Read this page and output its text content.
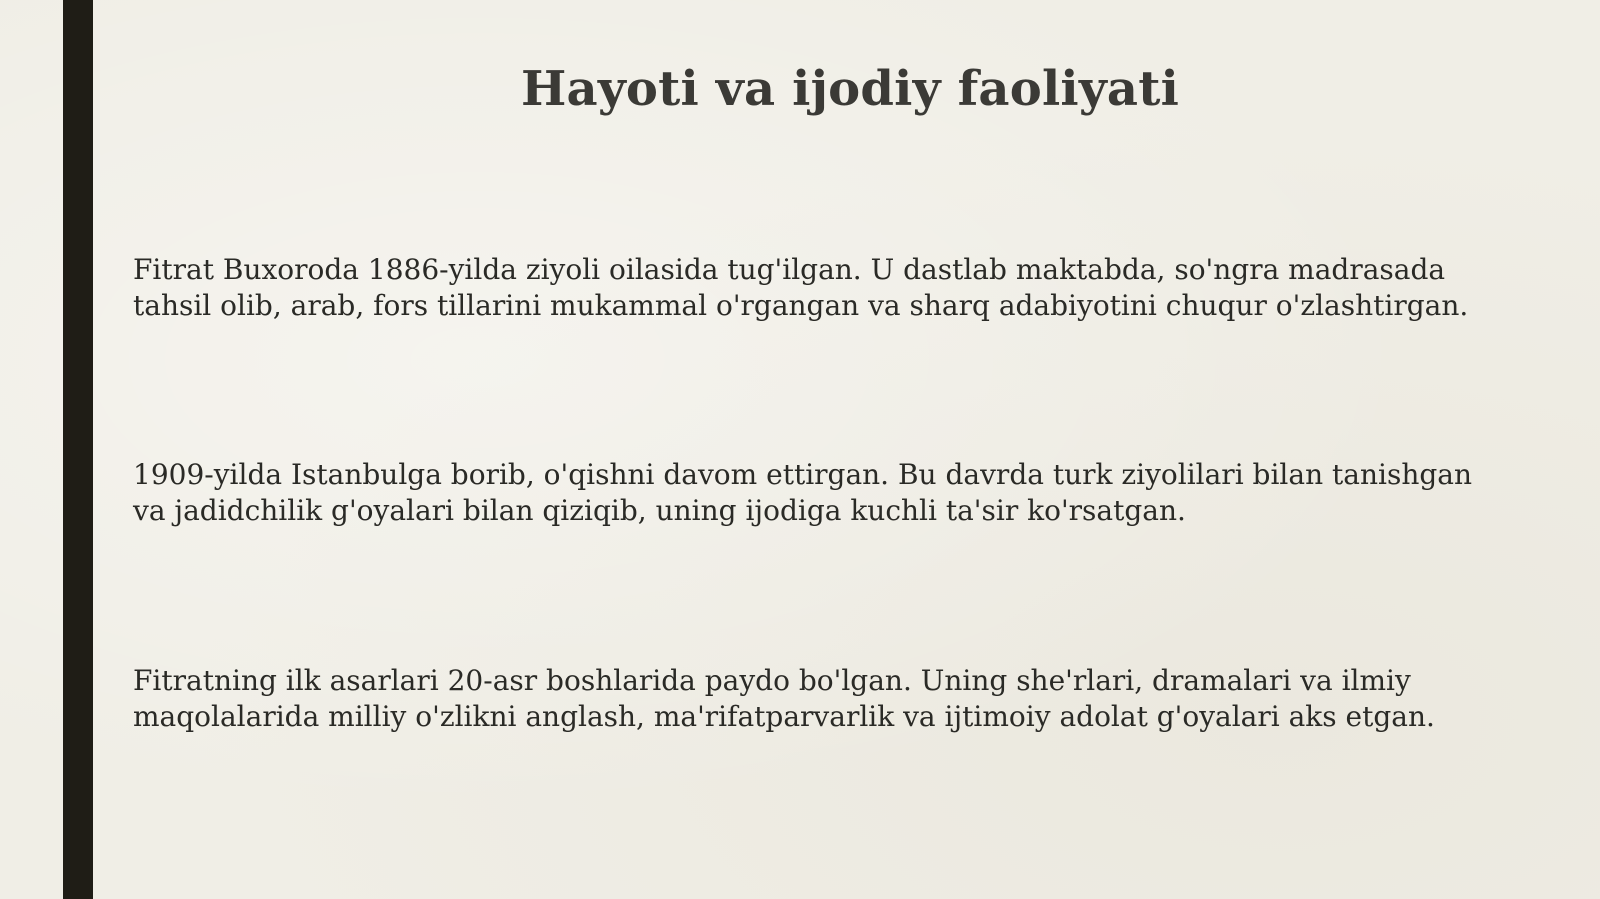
Hayoti va ijodiy faoliyati

Fitrat Buxoroda 1886-yilda ziyoli oilasida tug'ilgan. U dastlab maktabda, so'ngra madrasada
tahsil olib, arab, fors tillarini mukammal o'rgangan va sharq adabiyotini chuqur o'zlashtirgan.

1909-yilda Istanbulga borib, o'qishni davom ettirgan. Bu davrda turk ziyolilari bilan tanishgan
va jadidchilik g'oyalari bilan qiziqib, uning ijodiga kuchli ta'sir ko'rsatgan.

Fitratning ilk asarlari 20-asr boshlarida paydo bo'lgan. Uning she'rlari, dramalari va ilmiy
maqolalarida milliy o'zlikni anglash, ma'rifatparvarlik va ijtimoiy adolat g'oyalari aks etgan.
